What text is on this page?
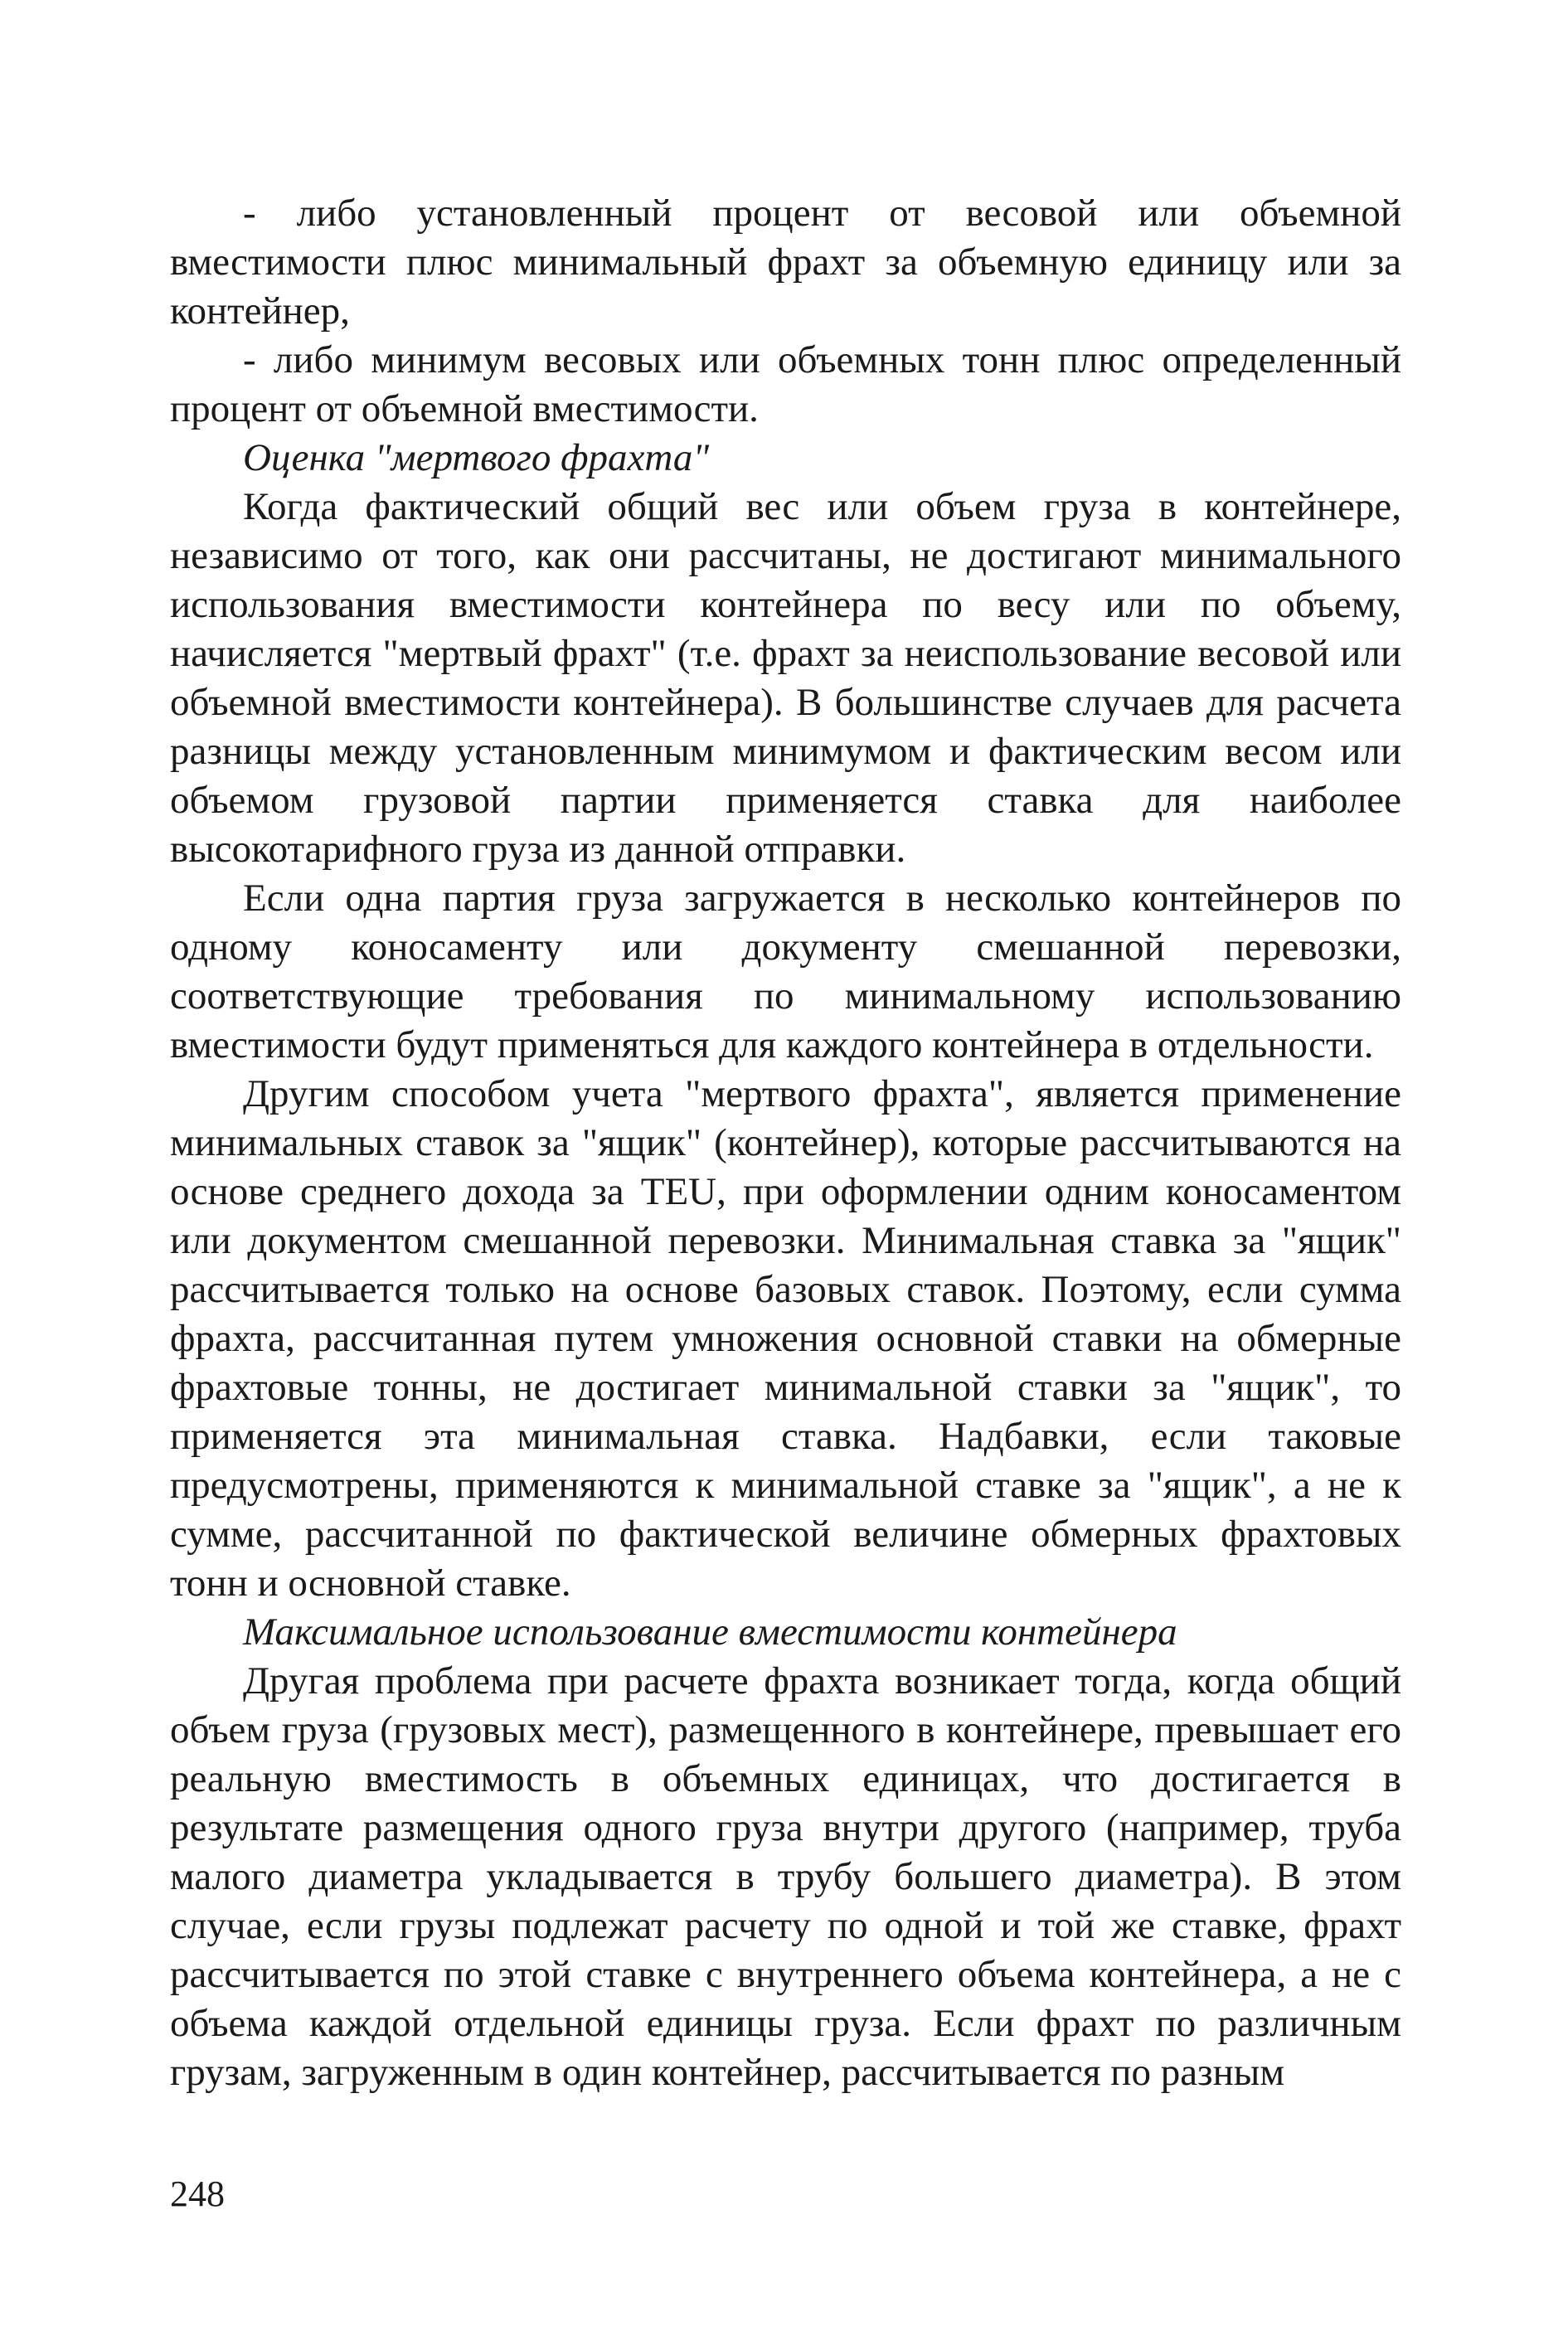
- либо установленный процент от весовой или объемной вместимости плюс минимальный фрахт за объемную единицу или за контейнер,

- либо минимум весовых или объемных тонн плюс определенный процент от объемной вместимости.

Оценка "мертвого фрахта"

Когда фактический общий вес или объем груза в контейнере, независимо от того, как они рассчитаны, не достигают минимального использования вместимости контейнера по весу или по объему, начисляется "мертвый фрахт" (т.е. фрахт за неиспользование весовой или объемной вместимости контейнера). В большинстве случаев для расчета разницы между установленным минимумом и фактическим весом или объемом грузовой партии применяется ставка для наиболее высокотарифного груза из данной отправки.

Если одна партия груза загружается в несколько контейнеров по одному коносаменту или документу смешанной перевозки, соответствующие требования по минимальному использованию вместимости будут применяться для каждого контейнера в отдельности.

Другим способом учета "мертвого фрахта", является применение минимальных ставок за "ящик" (контейнер), которые рассчитываются на основе среднего дохода за TEU, при оформлении одним коносаментом или документом смешанной перевозки. Минимальная ставка за "ящик" рассчитывается только на основе базовых ставок. Поэтому, если сумма фрахта, рассчитанная путем умножения основной ставки на обмерные фрахтовые тонны, не достигает минимальной ставки за "ящик", то применяется эта минимальная ставка. Надбавки, если таковые предусмотрены, применяются к минимальной ставке за "ящик", а не к сумме, рассчитанной по фактической величине обмерных фрахтовых тонн и основной ставке.

Максимальное использование вместимости контейнера

Другая проблема при расчете фрахта возникает тогда, когда общий объем груза (грузовых мест), размещенного в контейнере, превышает его реальную вместимость в объемных единицах, что достигается в результате размещения одного груза внутри другого (например, труба малого диаметра укладывается в трубу большего диаметра). В этом случае, если грузы подлежат расчету по одной и той же ставке, фрахт рассчитывается по этой ставке с внутреннего объема контейнера, а не с объема каждой отдельной единицы груза. Если фрахт по различным грузам, загруженным в один контейнер, рассчитывается по разным

248
